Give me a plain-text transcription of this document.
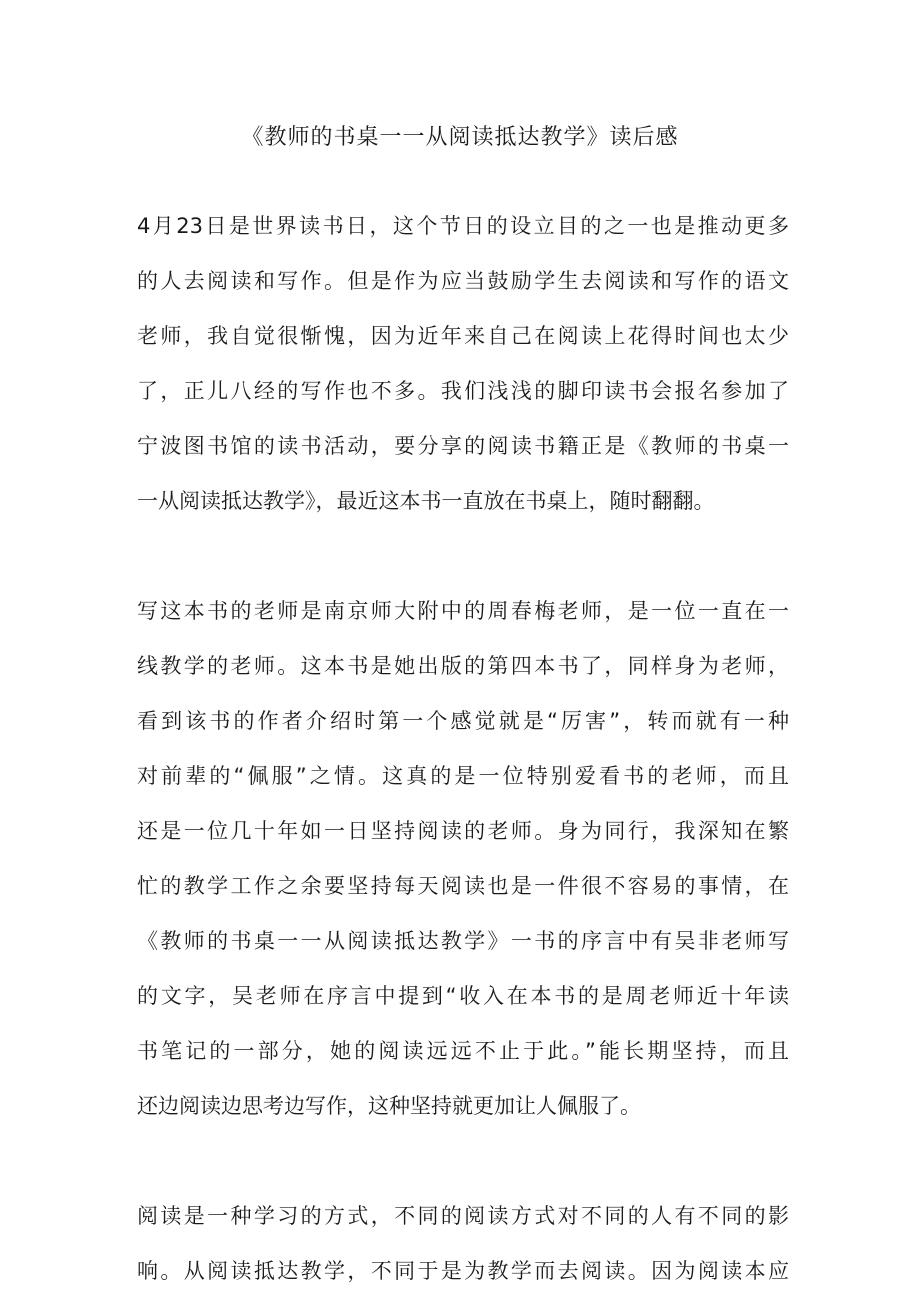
《教师的书桌一一从阅读抵达教学》读后感
4月23日是世界读书日，这个节日的设立目的之一也是推动更多
的人去阅读和写作。但是作为应当鼓励学生去阅读和写作的语文
老师，我自觉很惭愧，因为近年来自己在阅读上花得时间也太少
了，正儿八经的写作也不多。我们浅浅的脚印读书会报名参加了
宁波图书馆的读书活动，要分享的阅读书籍正是《教师的书桌一
一从阅读抵达教学》，最近这本书一直放在书桌上，随时翻翻。
写这本书的老师是南京师大附中的周春梅老师，是一位一直在一
线教学的老师。这本书是她出版的第四本书了，同样身为老师，
看到该书的作者介绍时第一个感觉就是“厉害”，转而就有一种
对前辈的“佩服”之情。这真的是一位特别爱看书的老师，而且
还是一位几十年如一日坚持阅读的老师。身为同行，我深知在繁
忙的教学工作之余要坚持每天阅读也是一件很不容易的事情，在
《教师的书桌一一从阅读抵达教学》一书的序言中有吴非老师写
的文字，吴老师在序言中提到“收入在本书的是周老师近十年读
书笔记的一部分，她的阅读远远不止于此。”能长期坚持，而且
还边阅读边思考边写作，这种坚持就更加让人佩服了。
阅读是一种学习的方式，不同的阅读方式对不同的人有不同的影
响。从阅读抵达教学，不同于是为教学而去阅读。因为阅读本应
